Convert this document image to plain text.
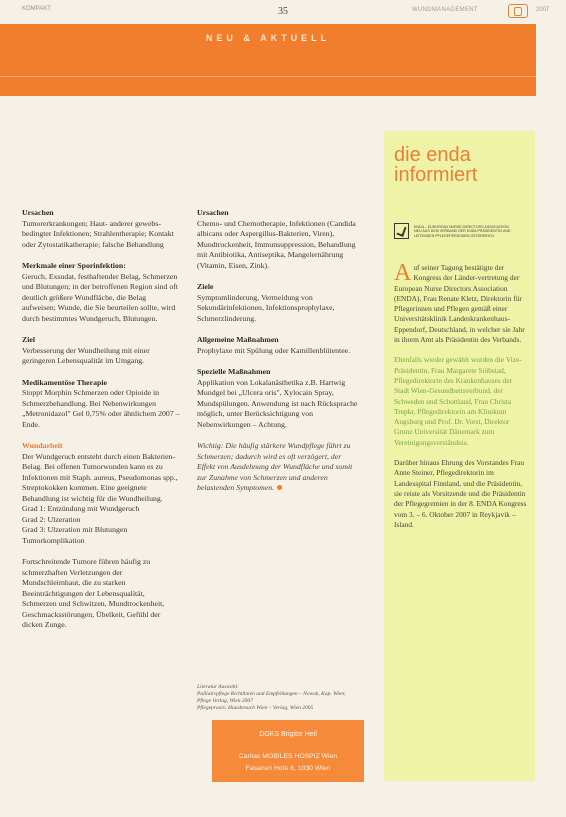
KOMPAKT	35	WUNDMANAGEMENT	2007
NEU & AKTUELL

Ursachen
Tumorerkrankungen; Haut- anderer gewebs-bedingter Infektionen; Strahlentherapie; Kontakt oder Zytostatikatherapie; falsche Behandlung

Merkmale einer Sporinfektion:
Geruch, Exsudat, festhaftender Belag, Schmerzen und Blutungen; in der betroffenen Region sind oft deutlich größere Wundfläche, die Belag aufweisen; Wunde, die Sie beurteilen sollte, wird durch bestimmtes Wundgeruch, Blutungen.

Ziel
Verbesserung der Wundheilung mit einer geringeren Lebensqualität im Umgang.

Medikamentöse Therapie
Stoppt Morphin Schmerzen oder Opioide in Schmerzbehandlung. Bei Nebenwirkungen „Metronidazol" Gel 0,75% oder ähnlichem 2007 – Ende.

Wundarbeit
Der Wundgeruch entsteht durch einen Bakterien-Belag. Bei offenen Tumorwunden kann es zu Infektionen mit Staph. aureus, Pseudomonas spp., Streptokokken kommen. Eine geeignete Behandlung ist wichtig für die Wundheilung.
Grad 1: Entzündung mit Wundgeruch
Grad 2: Ulzeration
Grad 3: Ulzeration mit Blutungen
Tumorkomplikation

Fortschreitende Tumore führen häufig zu schmerzhaften Verletzungen der Mundschleimhaut, die zu starken Beeinträchtigungen der Lebensqualität, Schmerzen und Schwitzen, Mundtrockenheit, Geschmacksstörungen, Übelkeit, Gefühl der dicken Zunge.

Ursachen
Chemo- und Chemotherapie, Infektionen (Candida albicans oder Aspergillus-Bakterien, Viren), Mundtrockenheit, Immunsuppression, Behandlung mit Antibiotika, Antiseptika, Mangelernährung (Vitamin, Eisen, Zink).

Ziele
Symptomlinderung, Vermeidung von Sekundärinfektionen, Infektionsprophylaxe, Schmerzlinderung.

Allgemeine Maßnahmen
Prophylaxe mit Spülung oder Kamillenblütentee.

Spezielle Maßnahmen
Applikation von Lokalanästhetika z.B. Hartwig Mundgel bei „Ulcera oris", Xylocain Spray, Mundspülungen. Anwendung ist nach Rücksprache möglich, unter Berücksichtigung von Nebenwirkungen – Achtung.

Wichtig: Die häufig stärkere Wundpflege führt zu Schmerzen; dadurch wird es oft verzögert, der Effekt von Ausdehnung der Wundfläche und somit zur Zunahme von Schmerzen und anderen belastenden Symptomen.

Literatur Auswahl:
Palliativpflege Richtlinien und Empfehlungen – Nowak, Kap. Wien; Pflege Verlag, Wien 2007
Pflegepraxis: Hausbesuch Wien – Verlag, Wien 2005
DGKS Brigitte Heil
Caritas MOBILES HOSPIZ Wien
Fasanen Hofe 6, 1030 Wien
die enda informiert
ENDA – EUROPEAN NURSE DIRECTORS ASSOCIATION
NEU AUS DEM VERBAND DER ENDA PRÄSIDENTIN UND LEITENDEN PFLEGEPERSONEN ÖSTERREICH

Auf seiner Tagung bestätigte der Kongress der Länder-vertretung der European Nurse Directors Association (ENDA), Frau Renate Kletz, Direktorin für Pflegerinnen und Pflegen gemäß einer Universitätsklinik Landeskrankenhaus-Eppendorf, Deutschland, in welcher sie Jahr in ihrem Amt als Präsidentin des Verbands.

Ebenfalls wieder gewählt wurden die Vize-Präsidentin, Frau Margarete Stöbstad, Pflegedirektorin des Krankenhauses der Stadt Wien-Gesundheitsverbund, der Schweden und Schottland, Frau Christa Trepkr, Pflegedirektorin am Klinikum Augsburg und Prof. Dr. Vorst, Direktor Grunz Universität Dänemark zum Vereinigungsverständnis.

Darüber hinaus Ehrung des Vorstandes Frau Anne Steiner, Pflegedirektorin im Landesspital Finnland, und die Präsidentin, sie reiste als Vorsitzende und die Präsidentin der Pflegegremien in der 8. ENDA Kongress vom 3. – 6. Oktober 2007 in Reykjavik – Island.
